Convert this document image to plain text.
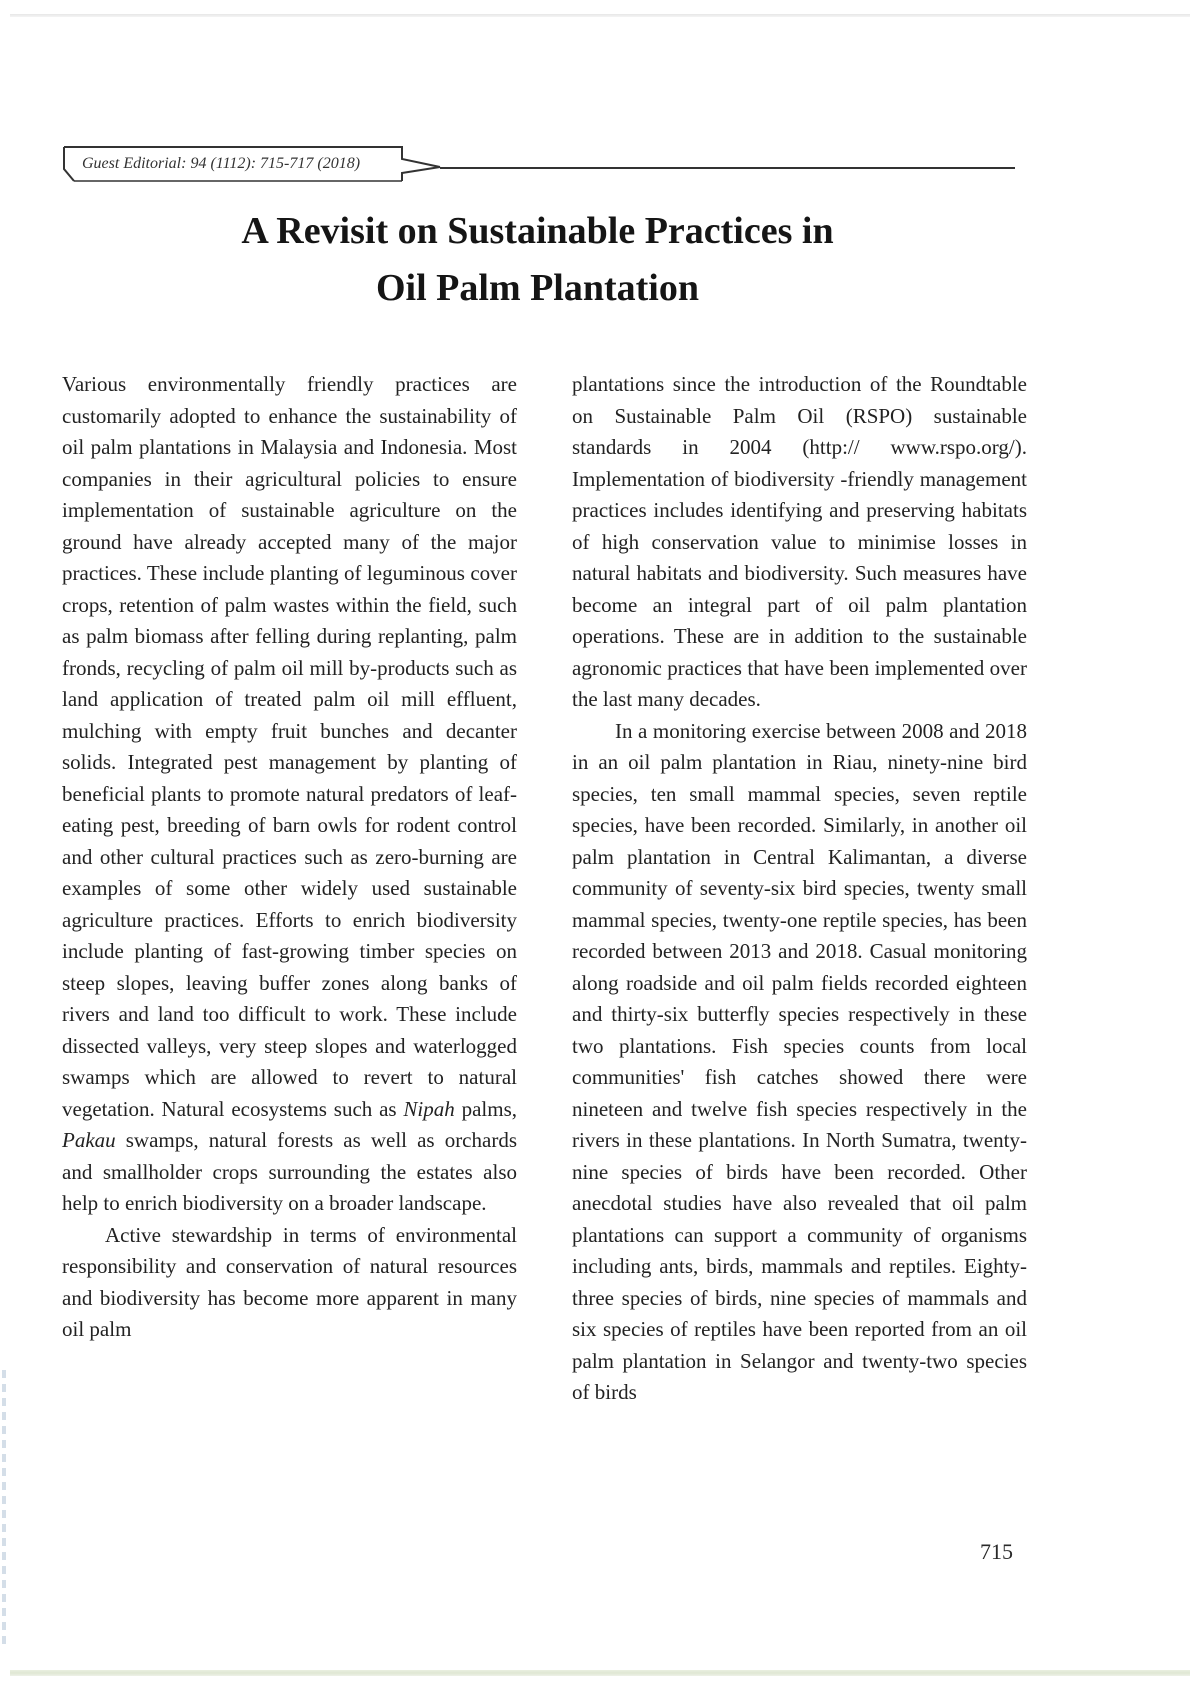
Guest Editorial: 94 (1112): 715-717 (2018)
A Revisit on Sustainable Practices in
Oil Palm Plantation

Various environmentally friendly practices are customarily adopted to enhance the sustainability of oil palm plantations in Malaysia and Indonesia. Most companies in their agricultural policies to ensure implementation of sustainable agriculture on the ground have already accepted many of the major practices. These include planting of leguminous cover crops, retention of palm wastes within the field, such as palm biomass after felling during replanting, palm fronds, recycling of palm oil mill by-products such as land application of treated palm oil mill effluent, mulching with empty fruit bunches and decanter solids. Integrated pest management by planting of beneficial plants to promote natural predators of leaf-eating pest, breeding of barn owls for rodent control and other cultural practices such as zero-burning are examples of some other widely used sustainable agriculture practices. Efforts to enrich biodiversity include planting of fast-growing timber species on steep slopes, leaving buffer zones along banks of rivers and land too difficult to work. These include dissected valleys, very steep slopes and waterlogged swamps which are allowed to revert to natural vegetation. Natural ecosystems such as Nipah palms, Pakau swamps, natural forests as well as orchards and smallholder crops surrounding the estates also help to enrich biodiversity on a broader landscape.

Active stewardship in terms of environmental responsibility and conservation of natural resources and biodiversity has become more apparent in many oil palm

plantations since the introduction of the Roundtable on Sustainable Palm Oil (RSPO) sustainable standards in 2004 (http:// www.rspo.org/). Implementation of biodiversity -friendly management practices includes identifying and preserving habitats of high conservation value to minimise losses in natural habitats and biodiversity. Such measures have become an integral part of oil palm plantation operations. These are in addition to the sustainable agronomic practices that have been implemented over the last many decades.

In a monitoring exercise between 2008 and 2018 in an oil palm plantation in Riau, ninety-nine bird species, ten small mammal species, seven reptile species, have been recorded. Similarly, in another oil palm plantation in Central Kalimantan, a diverse community of seventy-six bird species, twenty small mammal species, twenty-one reptile species, has been recorded between 2013 and 2018. Casual monitoring along roadside and oil palm fields recorded eighteen and thirty-six butterfly species respectively in these two plantations. Fish species counts from local communities' fish catches showed there were nineteen and twelve fish species respectively in the rivers in these plantations. In North Sumatra, twenty-nine species of birds have been recorded. Other anecdotal studies have also revealed that oil palm plantations can support a community of organisms including ants, birds, mammals and reptiles. Eighty-three species of birds, nine species of mammals and six species of reptiles have been reported from an oil palm plantation in Selangor and twenty-two species of birds

715
